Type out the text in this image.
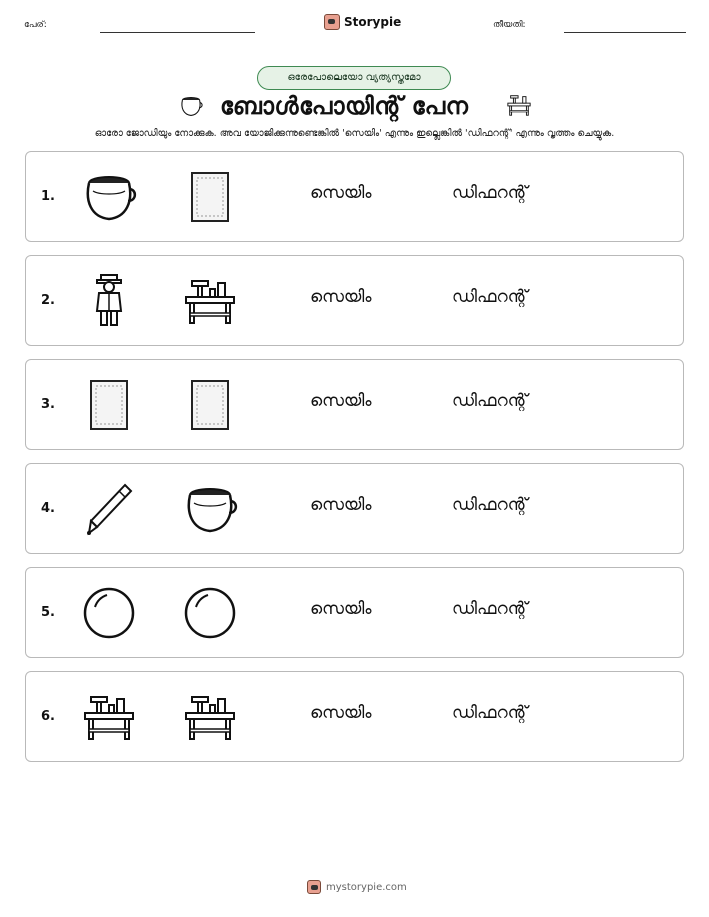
പേര്:	Storypie	തീയതി:
ഒരേപോലെയോ വ്യത്യസ്തമോ
ബോൾപോയിന്റ് പേന
ഓരോ ജോഡിയും നോക്കുക. അവ യോജിക്കുന്നുണ്ടെങ്കിൽ 'സെയിം' എന്നും ഇല്ലെങ്കിൽ 'ഡിഫറന്റ്' എന്നും വൃത്തം ചെയ്യുക.
1.	സെയിം	ഡിഫറന്റ്
2.	സെയിം	ഡിഫറന്റ്
3.	സെയിം	ഡിഫറന്റ്
4.	സെയിം	ഡിഫറന്റ്
5.	സെയിം	ഡിഫറന്റ്
6.	സെയിം	ഡിഫറന്റ്
mystorypie.com
